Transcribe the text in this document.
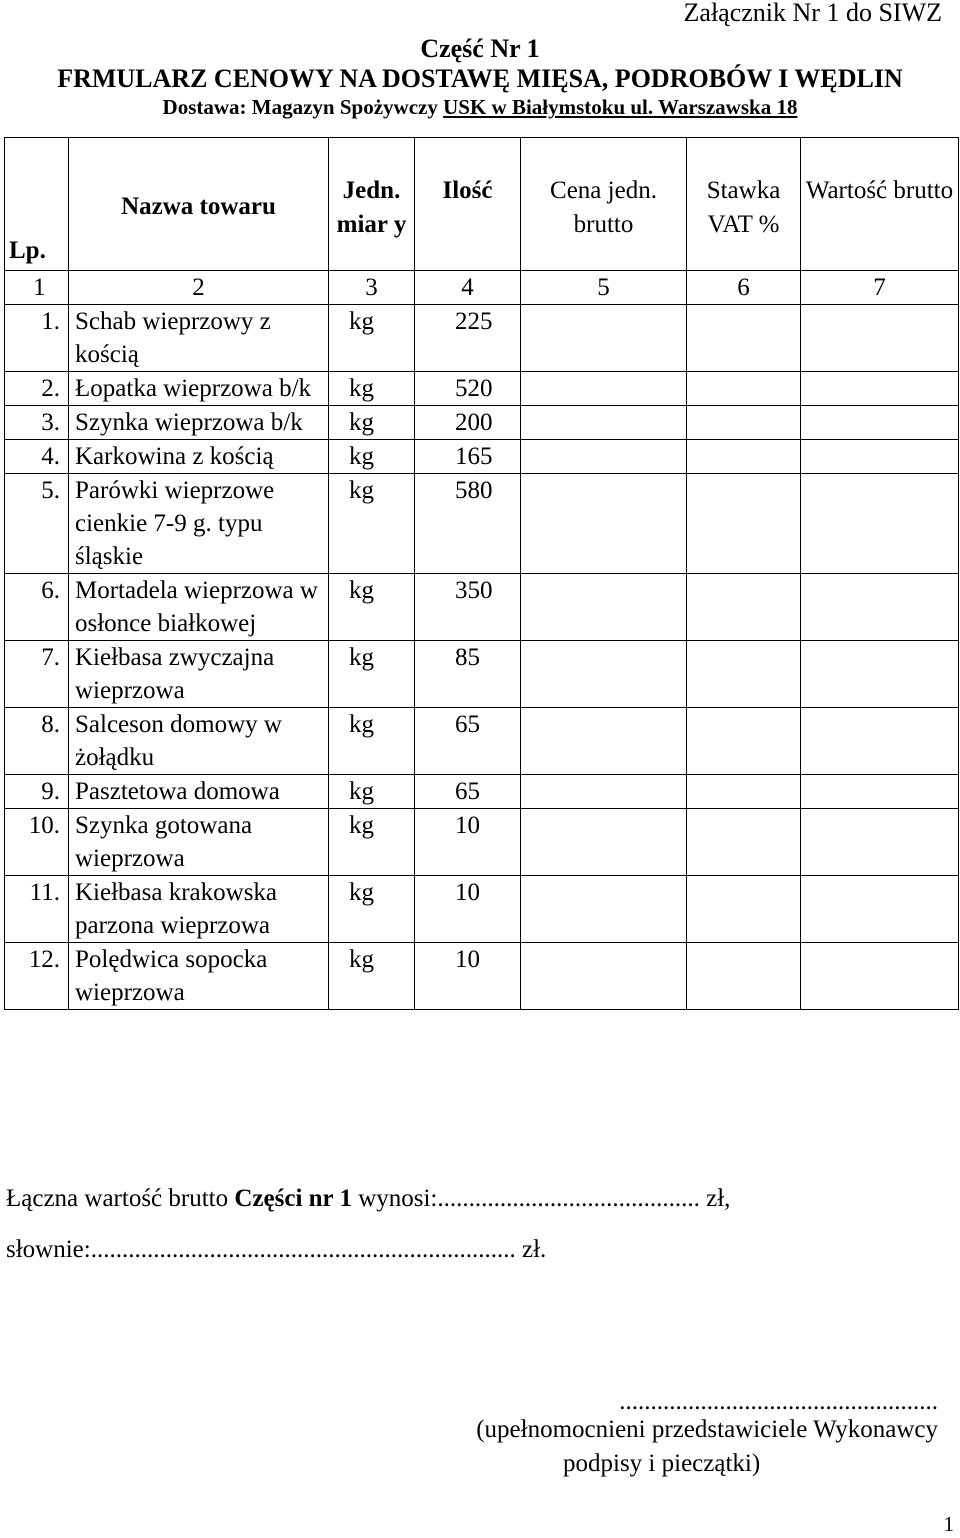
Załącznik Nr 1 do SIWZ
Część Nr 1
FRMULARZ CENOWY NA DOSTAWĘ MIĘSA, PODROBÓW I WĘDLIN
Dostawa: Magazyn Spożywczy USK w Białymstoku ul. Warszawska 18
Lp.	Nazwa towaru	Jedn. miar y	Ilość	Cena jedn. brutto	Stawka VAT %	Wartość brutto

1	2	3	4	5	6	7
1.	Schab wieprzowy z kością	kg	225			
2.	Łopatka wieprzowa b/k	kg	520			
3.	Szynka wieprzowa b/k	kg	200			
4.	Karkowina z kością	kg	165			
5.	Parówki wieprzowe cienkie 7-9 g. typu śląskie	kg	580			
6.	Mortadela wieprzowa w osłonce białkowej	kg	350			
7.	Kiełbasa zwyczajna wieprzowa	kg	85			
8.	Salceson domowy w żołądku	kg	65			
9.	Pasztetowa domowa	kg	65			
10.	Szynka gotowana wieprzowa	kg	10			
11.	Kiełbasa krakowska parzona wieprzowa	kg	10			
12.	Polędwica sopocka wieprzowa	kg	10			
Łączna wartość brutto Części nr 1 wynosi:.......................................... zł,
słownie:.................................................................... zł.
...................................................
(upełnomocnieni przedstawiciele Wykonawcy
podpisy i pieczątki)
1
